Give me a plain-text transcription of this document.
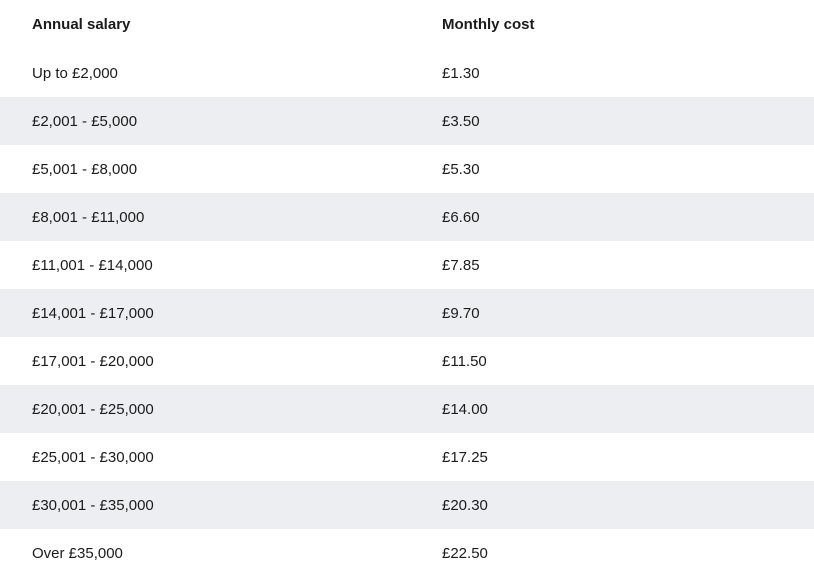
Annual salary	Monthly cost
Up to £2,000	£1.30
£2,001 - £5,000	£3.50
£5,001 - £8,000	£5.30
£8,001 - £11,000	£6.60
£11,001 - £14,000	£7.85
£14,001 - £17,000	£9.70
£17,001 - £20,000	£11.50
£20,001 - £25,000	£14.00
£25,001 - £30,000	£17.25
£30,001 - £35,000	£20.30
Over £35,000	£22.50
